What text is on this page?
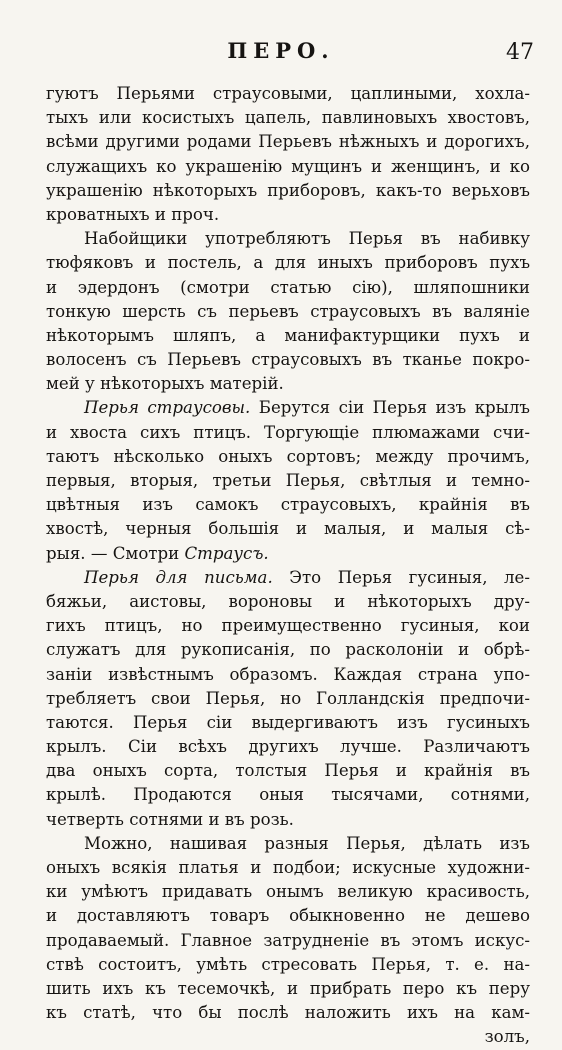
ПЕРО.	47
гуютъ Перьями страусовыми, цаплиными, хохла-
тыхъ или косистыхъ цапель, павлиновыхъ хвостовъ,
всѣми другими родами Перьевъ нѣжныхъ и дорогихъ,
служащихъ ко украшенію мущинъ и женщинъ, и ко
украшенію нѣкоторыхъ приборовъ, какъ-то верьховъ
кроватныхъ и проч.
Набойщики употребляютъ Перья въ набивку
тюфяковъ и постель, а для иныхъ приборовъ пухъ
и эдердонъ (смотри статью сію), шляпошники
тонкую шерсть съ перьевъ страусовыхъ въ валяніе
нѣкоторымъ шляпъ, а манифактурщики пухъ и
волосенъ съ Перьевъ страусовыхъ въ тканье покро-
мей у нѣкоторыхъ матерій.
Перья страусовы. Берутся сіи Перья изъ крылъ
и хвоста сихъ птицъ. Торгующіе плюмажами счи-
таютъ нѣсколько оныхъ сортовъ; между прочимъ,
первыя, вторыя, третьи Перья, свѣтлыя и темно-
цвѣтныя изъ самокъ страусовыхъ, крайнія въ
хвостѣ, черныя большія и малыя, и малыя сѣ-
рыя. — Смотри Страусъ.
Перья для письма. Это Перья гусиныя, ле-
бяжьи, аистовы, вороновы и нѣкоторыхъ дру-
гихъ птицъ, но преимущественно гусиныя, кои
служатъ для рукописанія, по расколоніи и обрѣ-
заніи извѣстнымъ образомъ. Каждая страна упо-
требляетъ свои Перья, но Голландскія предпочи-
таются. Перья сіи выдергиваютъ изъ гусиныхъ
крылъ. Сіи всѣхъ другихъ лучше. Различаютъ
два оныхъ сорта, толстыя Перья и крайнія въ
крылѣ. Продаются оныя тысячами, сотнями,
четверть сотнями и въ розь.
Можно, нашивая разныя Перья, дѣлать изъ
оныхъ всякія платья и подбои; искусные художни-
ки умѣютъ придавать онымъ великую красивость,
и доставляютъ товаръ обыкновенно не дешево
продаваемый. Главное затрудненіе въ этомъ искус-
ствѣ состоитъ, умѣть стресовать Перья, т. е. на-
шить ихъ къ тесемочкѣ, и прибрать перо къ перу
къ статѣ, что бы послѣ наложить ихъ на кам-
золъ,
